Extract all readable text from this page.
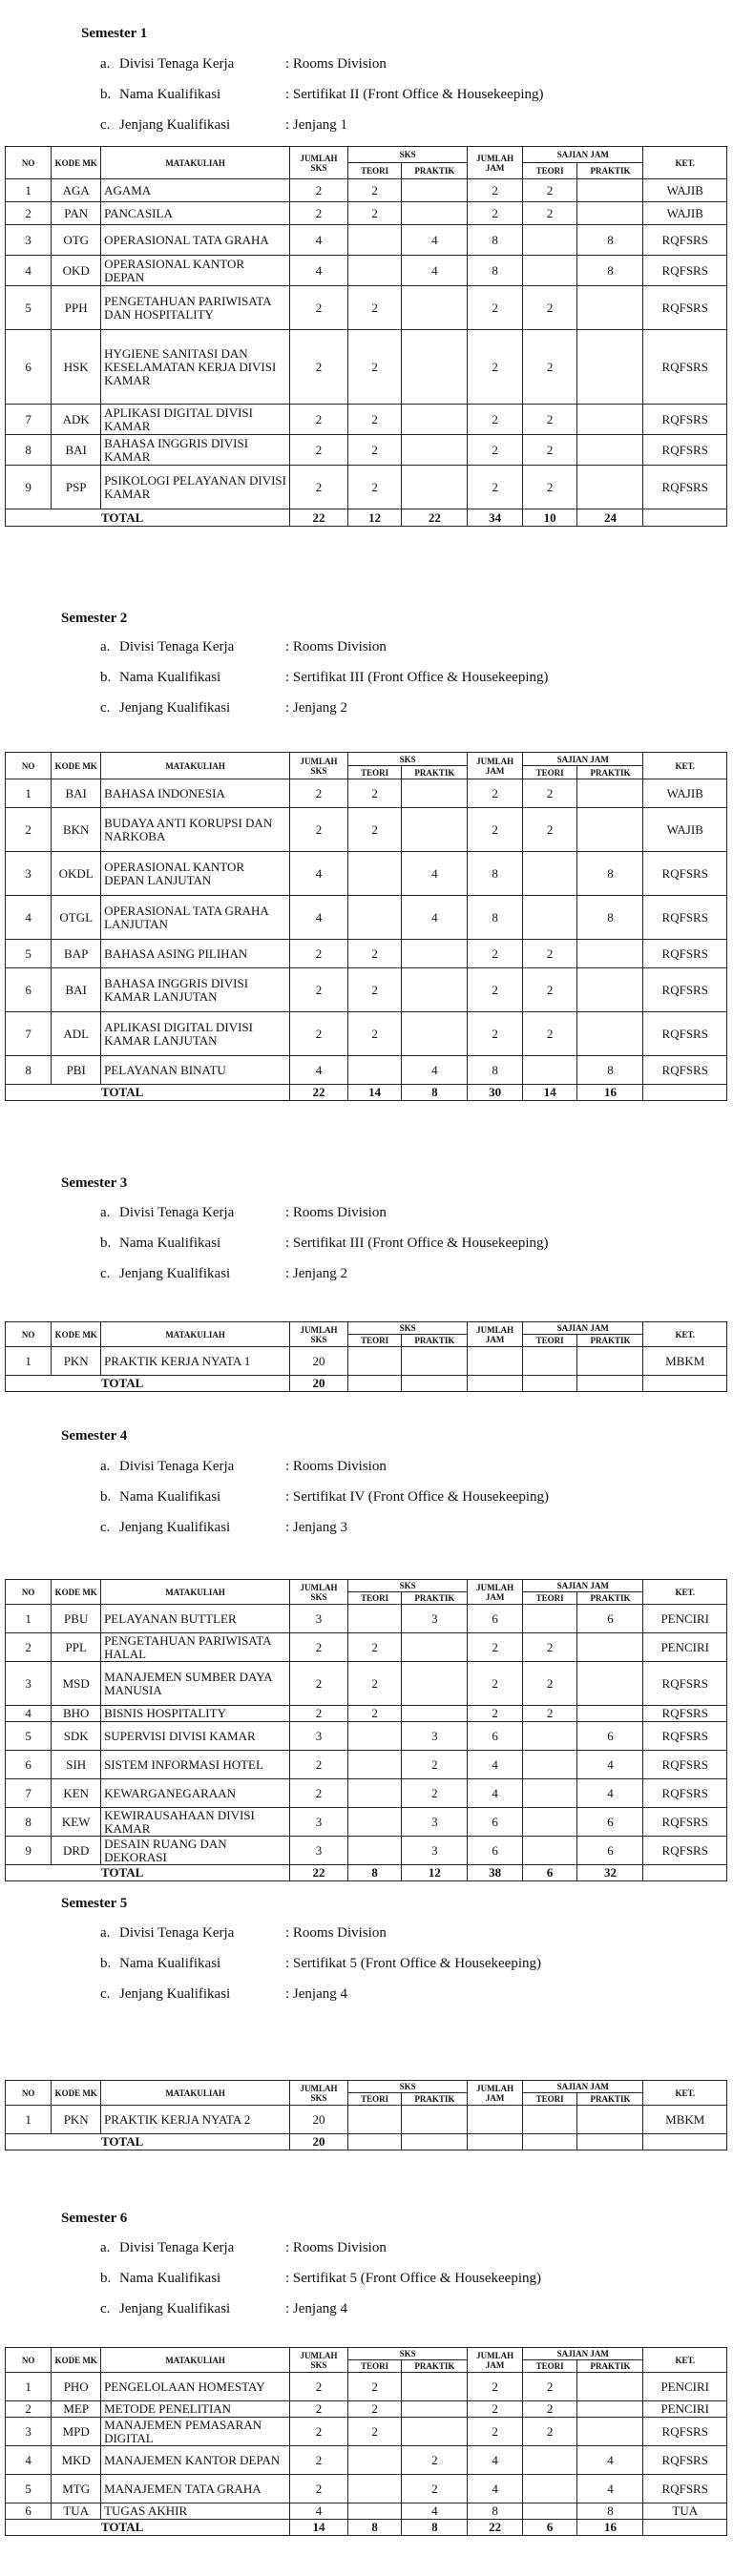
Semester 1
a. Divisi Tenaga Kerja	: Rooms Division
b. Nama Kualifikasi	: Sertifikat II (Front Office & Housekeeping)
c. Jenjang Kualifikasi	: Jenjang 1
NO	KODE MK	MATAKULIAH	JUMLAH SKS	SKS		JUMLAH JAM	SAJIAN JAM		KET.
				TEORI	PRAKTIK		TEORI	PRAKTIK	
1	AGA	AGAMA	2	2		2	2		WAJIB
2	PAN	PANCASILA	2	2		2	2		WAJIB
3	OTG	OPERASIONAL TATA GRAHA	4		4	8		8	RQFSRS
4	OKD	OPERASIONAL KANTOR DEPAN	4		4	8		8	RQFSRS
5	PPH	PENGETAHUAN PARIWISATA DAN HOSPITALITY	2	2		2	2		RQFSRS
6	HSK	HYGIENE SANITASI DAN KESELAMATAN KERJA DIVISI KAMAR	2	2		2	2		RQFSRS
7	ADK	APLIKASI DIGITAL DIVISI KAMAR	2	2		2	2		RQFSRS
8	BAI	BAHASA INGGRIS DIVISI KAMAR	2	2		2	2		RQFSRS
9	PSP	PSIKOLOGI PELAYANAN DIVISI KAMAR	2	2		2	2		RQFSRS
TOTAL			22	12	22	34	10	24	
Semester 2
a. Divisi Tenaga Kerja	: Rooms Division
b. Nama Kualifikasi	: Sertifikat III (Front Office & Housekeeping)
c. Jenjang Kualifikasi	: Jenjang 2
NO	KODE MK	MATAKULIAH	JUMLAH SKS	SKS		JUMLAH JAM	SAJIAN JAM		KET.
				TEORI	PRAKTIK		TEORI	PRAKTIK	
1	BAI	BAHASA INDONESIA	2	2		2	2		WAJIB
2	BKN	BUDAYA ANTI KORUPSI DAN NARKOBA	2	2		2	2		WAJIB
3	OKDL	OPERASIONAL KANTOR DEPAN LANJUTAN	4		4	8		8	RQFSRS
4	OTGL	OPERASIONAL TATA GRAHA LANJUTAN	4		4	8		8	RQFSRS
5	BAP	BAHASA ASING PILIHAN	2	2		2	2		RQFSRS
6	BAI	BAHASA INGGRIS DIVISI KAMAR LANJUTAN	2	2		2	2		RQFSRS
7	ADL	APLIKASI DIGITAL DIVISI KAMAR LANJUTAN	2	2		2	2		RQFSRS
8	PBI	PELAYANAN BINATU	4		4	8		8	RQFSRS
TOTAL			22	14	8	30	14	16	
Semester 3
a. Divisi Tenaga Kerja	: Rooms Division
b. Nama Kualifikasi	: Sertifikat III (Front Office & Housekeeping)
c. Jenjang Kualifikasi	: Jenjang 2
NO	KODE MK	MATAKULIAH	JUMLAH SKS	SKS		JUMLAH JAM	SAJIAN JAM		KET.
				TEORI	PRAKTIK		TEORI	PRAKTIK	
1	PKN	PRAKTIK KERJA NYATA 1	20						MBKM
TOTAL			20						
Semester 4
a. Divisi Tenaga Kerja	: Rooms Division
b. Nama Kualifikasi	: Sertifikat IV (Front Office & Housekeeping)
c. Jenjang Kualifikasi	: Jenjang 3
NO	KODE MK	MATAKULIAH	JUMLAH SKS	SKS		JUMLAH JAM	SAJIAN JAM		KET.
				TEORI	PRAKTIK		TEORI	PRAKTIK	
1	PBU	PELAYANAN BUTTLER	3		3	6		6	PENCIRI
2	PPL	PENGETAHUAN PARIWISATA HALAL	2	2		2	2		PENCIRI
3	MSD	MANAJEMEN SUMBER DAYA MANUSIA	2	2		2	2		RQFSRS
4	BHO	BISNIS HOSPITALITY	2	2		2	2		RQFSRS
5	SDK	SUPERVISI DIVISI KAMAR	3		3	6		6	RQFSRS
6	SIH	SISTEM INFORMASI HOTEL	2		2	4		4	RQFSRS
7	KEN	KEWARGANEGARAAN	2		2	4		4	RQFSRS
8	KEW	KEWIRAUSAHAAN DIVISI KAMAR	3		3	6		6	RQFSRS
9	DRD	DESAIN RUANG DAN DEKORASI	3		3	6		6	RQFSRS
TOTAL			22	8	12	38	6	32	
Semester 5
a. Divisi Tenaga Kerja	: Rooms Division
b. Nama Kualifikasi	: Sertifikat 5 (Front Office & Housekeeping)
c. Jenjang Kualifikasi	: Jenjang 4
NO	KODE MK	MATAKULIAH	JUMLAH SKS	SKS		JUMLAH JAM	SAJIAN JAM		KET.
				TEORI	PRAKTIK		TEORI	PRAKTIK	
1	PKN	PRAKTIK KERJA NYATA 2	20						MBKM
TOTAL			20						
Semester 6
a. Divisi Tenaga Kerja	: Rooms Division
b. Nama Kualifikasi	: Sertifikat 5 (Front Office & Housekeeping)
c. Jenjang Kualifikasi	: Jenjang 4
NO	KODE MK	MATAKULIAH	JUMLAH SKS	SKS		JUMLAH JAM	SAJIAN JAM		KET.
				TEORI	PRAKTIK		TEORI	PRAKTIK	
1	PHO	PENGELOLAAN HOMESTAY	2	2		2	2		PENCIRI
2	MEP	METODE PENELITIAN	2	2		2	2		PENCIRI
3	MPD	MANAJEMEN PEMASARAN DIGITAL	2	2		2	2		RQFSRS
4	MKD	MANAJEMEN KANTOR DEPAN	2		2	4		4	RQFSRS
5	MTG	MANAJEMEN TATA GRAHA	2		2	4		4	RQFSRS
6	TUA	TUGAS AKHIR	4		4	8		8	TUA
TOTAL			14	8	8	22	6	16	
